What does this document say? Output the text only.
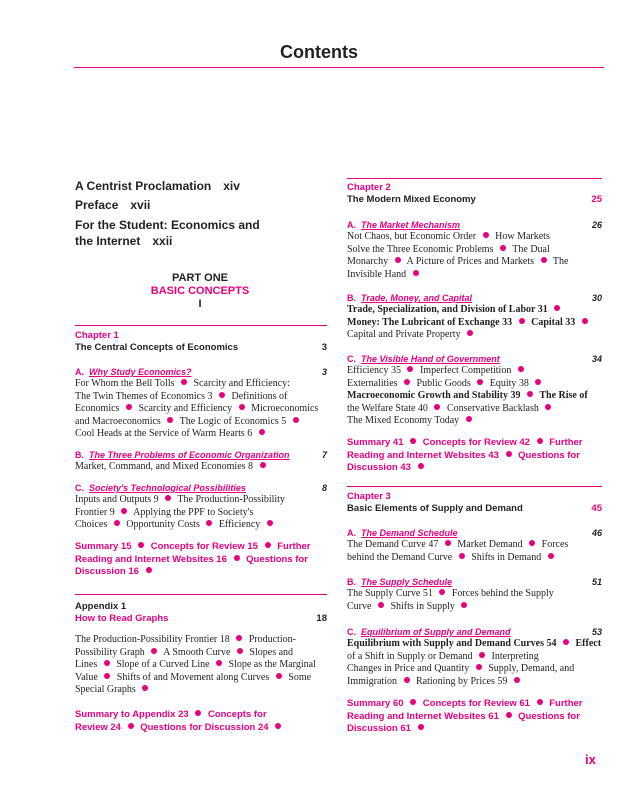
Contents
A Centrist Proclamation xiv
Preface xvii
For the Student: Economics and
the Internet xxii
PART ONE
BASIC CONCEPTS
I
Chapter 1
The Central Concepts of Economics	3
A. Why Study Economics?	3
For Whom the Bell Tolls  Scarcity and Efficiency:
The Twin Themes of Economics 3  Definitions of
Economics  Scarcity and Efficiency  Microeconomics
and Macroeconomics  The Logic of Economics 5
Cool Heads at the Service of Warm Hearts 6
B. The Three Problems of Economic Organization	7
Market, Command, and Mixed Economies 8
C. Society's Technological Possibilities	8
Inputs and Outputs 9  The Production-Possibility
Frontier 9  Applying the PPF to Society's
Choices  Opportunity Costs  Efficiency
Summary 15  Concepts for Review 15  Further
Reading and Internet Websites 16  Questions for
Discussion 16
Appendix 1
How to Read Graphs	18
The Production-Possibility Frontier 18  Production-
Possibility Graph  A Smooth Curve  Slopes and
Lines  Slope of a Curved Line  Slope as the Marginal
Value  Shifts of and Movement along Curves  Some
Special Graphs
Summary to Appendix 23  Concepts for
Review 24  Questions for Discussion 24
Chapter 2
The Modern Mixed Economy	25
A. The Market Mechanism	26
Not Chaos, but Economic Order  How Markets
Solve the Three Economic Problems  The Dual
Monarchy  A Picture of Prices and Markets  The
Invisible Hand
B. Trade, Money, and Capital	30
Trade, Specialization, and Division of Labor 31
Money: The Lubricant of Exchange 33  Capital 33
Capital and Private Property
C. The Visible Hand of Government	34
Efficiency 35  Imperfect Competition
Externalities  Public Goods  Equity 38
Macroeconomic Growth and Stability 39  The Rise of
the Welfare State 40  Conservative Backlash
The Mixed Economy Today
Summary 41  Concepts for Review 42  Further
Reading and Internet Websites 43  Questions for
Discussion 43
Chapter 3
Basic Elements of Supply and Demand	45
A. The Demand Schedule	46
The Demand Curve 47  Market Demand  Forces
behind the Demand Curve  Shifts in Demand
B. The Supply Schedule	51
The Supply Curve 51  Forces behind the Supply
Curve  Shifts in Supply
C. Equilibrium of Supply and Demand	53
Equilibrium with Supply and Demand Curves 54  Effect
of a Shift in Supply or Demand  Interpreting
Changes in Price and Quantity  Supply, Demand, and
Immigration  Rationing by Prices 59
Summary 60  Concepts for Review 61  Further
Reading and Internet Websites 61  Questions for
Discussion 61
ix
